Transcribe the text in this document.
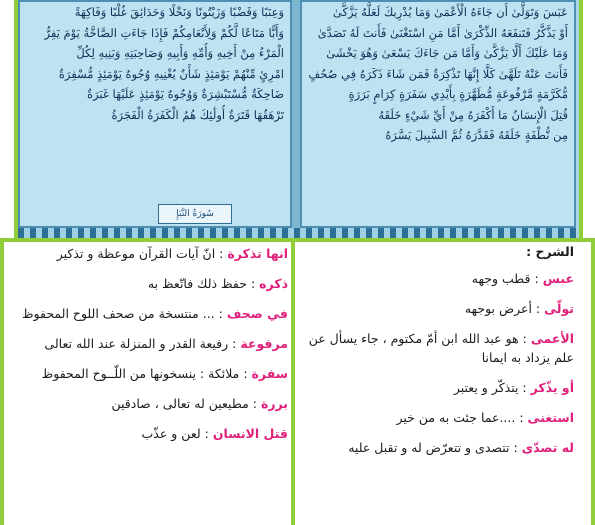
وَعِنَبًا وَقَضْبًا وَزَيْتُونًا وَنَخْلًا وَحَدَائِقَ غُلْبًا وَفَاكِهَةً
وَأَبًّا مَتَاعًا لَّكُمْ وَلِأَنْعَامِكُمْ فَإِذَا جَاءَتِ الصَّاخَّةُ يَوْمَ يَفِرُّ
الْمَرْءُ مِنْ أَخِيهِ وَأُمِّهِ وَأَبِيهِ وَصَاحِبَتِهِ وَبَنِيهِ لِكُلِّ
امْرِئٍ مِّنْهُمْ يَوْمَئِذٍ شَأْنٌ يُغْنِيهِ وُجُوهٌ يَوْمَئِذٍ مُّسْفِرَةٌ
ضَاحِكَةٌ مُّسْتَبْشِرَةٌ وَوُجُوهٌ يَوْمَئِذٍ عَلَيْهَا غَبَرَةٌ
تَرْهَقُهَا قَتَرَةٌ أُولَٰئِكَ هُمُ الْكَفَرَةُ الْفَجَرَةُ
سُورَةُ النَّبَإِ
عَبَسَ وَتَوَلَّىٰ أَن جَاءَهُ الْأَعْمَىٰ وَمَا يُدْرِيكَ لَعَلَّهُ يَزَّكَّىٰ
أَوْ يَذَّكَّرُ فَتَنفَعَهُ الذِّكْرَىٰ أَمَّا مَنِ اسْتَغْنَىٰ فَأَنتَ لَهُ تَصَدَّىٰ
وَمَا عَلَيْكَ أَلَّا يَزَّكَّىٰ وَأَمَّا مَن جَاءَكَ يَسْعَىٰ وَهُوَ يَخْشَىٰ
فَأَنتَ عَنْهُ تَلَهَّىٰ كَلَّا إِنَّهَا تَذْكِرَةٌ فَمَن شَاءَ ذَكَرَهُ فِي صُحُفٍ
مُّكَرَّمَةٍ مَّرْفُوعَةٍ مُّطَهَّرَةٍ بِأَيْدِي سَفَرَةٍ كِرَامٍ بَرَرَةٍ
قُتِلَ الْإِنسَانُ مَا أَكْفَرَهُ مِنْ أَيِّ شَيْءٍ خَلَقَهُ
مِن نُّطْفَةٍ خَلَقَهُ فَقَدَّرَهُ ثُمَّ السَّبِيلَ يَسَّرَهُ
الشرح :
عبس : قطب وجهه
تولّى : أعرض بوجهه
الأعمى : هو عبد الله ابن أمّ مكتوم ، جاء يسأل عن علم يزداد به ايمانا
أو يذّكر : يتذكّر و يعتبر
استغنى : ....عما جئت به من خير
له تصدّى : تتصدى و تتعرّض له و تقبل عليه
انها تذكرة : انّ آيات القرآن موعظة و تذكير
ذكره : حفظ ذلك فاتّعظ به
في صحف : ... منتسخة من صحف اللوح المحفوظ
مرفوعة : رفيعة القدر و المنزلة عند الله تعالى
سفرة : ملائكة : ينسخونها من اللّــوح المحفوظ
بررة : مطيعين له تعالى ، صادقين
قتل الانسان : لعن و عذّب
